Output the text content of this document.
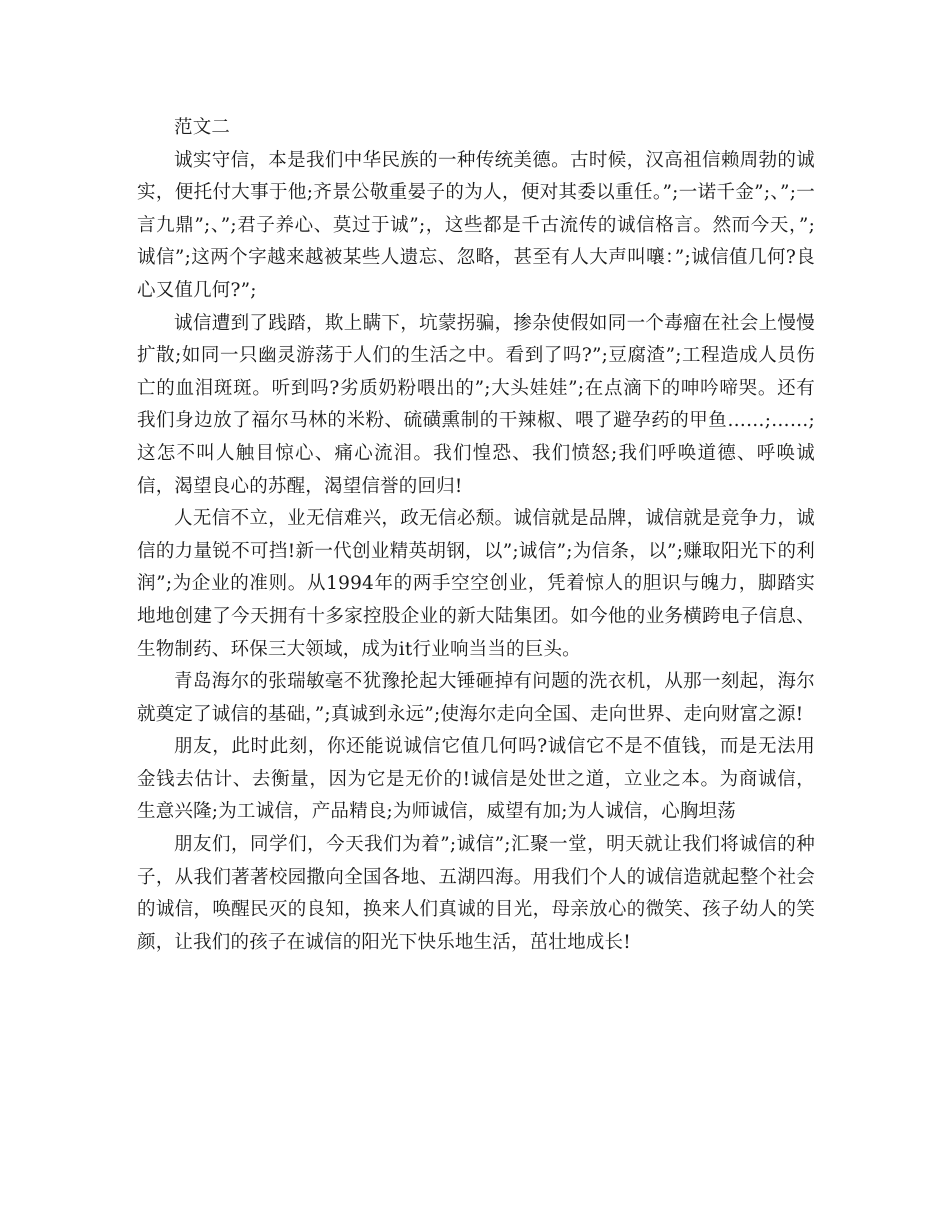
范文二

诚实守信，本是我们中华民族的一种传统美德。古时候，汉高祖信赖周勃的诚实，便托付大事于他;齐景公敬重晏子的为人，便对其委以重任。”;一诺千金”;、”;一言九鼎”;、”;君子养心、莫过于诚”;，这些都是千古流传的诚信格言。然而今天，”;诚信”;这两个字越来越被某些人遗忘、忽略，甚至有人大声叫嚷：”;诚信值几何?良心又值几何?”;

诚信遭到了践踏，欺上瞒下，坑蒙拐骗，掺杂使假如同一个毒瘤在社会上慢慢扩散;如同一只幽灵游荡于人们的生活之中。看到了吗?”;豆腐渣”;工程造成人员伤亡的血泪斑斑。听到吗?劣质奶粉喂出的”;大头娃娃”;在点滴下的呻吟啼哭。还有我们身边放了福尔马林的米粉、硫磺熏制的干辣椒、喂了避孕药的甲鱼……;……;这怎不叫人触目惊心、痛心流泪。我们惶恐、我们愤怒;我们呼唤道德、呼唤诚信，渴望良心的苏醒，渴望信誉的回归!

人无信不立，业无信难兴，政无信必颓。诚信就是品牌，诚信就是竞争力，诚信的力量锐不可挡!新一代创业精英胡钢，以”;诚信”;为信条，以”;赚取阳光下的利润”;为企业的准则。从1994年的两手空空创业，凭着惊人的胆识与魄力，脚踏实地地创建了今天拥有十多家控股企业的新大陆集团。如今他的业务横跨电子信息、生物制药、环保三大领域，成为it行业响当当的巨头。

青岛海尔的张瑞敏毫不犹豫抡起大锤砸掉有问题的洗衣机，从那一刻起，海尔就奠定了诚信的基础，”;真诚到永远”;使海尔走向全国、走向世界、走向财富之源!

朋友，此时此刻，你还能说诚信它值几何吗?诚信它不是不值钱，而是无法用金钱去估计、去衡量，因为它是无价的!诚信是处世之道，立业之本。为商诚信，生意兴隆;为工诚信，产品精良;为师诚信，威望有加;为人诚信，心胸坦荡

朋友们，同学们，今天我们为着”;诚信”;汇聚一堂，明天就让我们将诚信的种子，从我们著著校园撒向全国各地、五湖四海。用我们个人的诚信造就起整个社会的诚信，唤醒民灭的良知，换来人们真诚的目光，母亲放心的微笑、孩子幼人的笑颜，让我们的孩子在诚信的阳光下快乐地生活，茁壮地成长!
